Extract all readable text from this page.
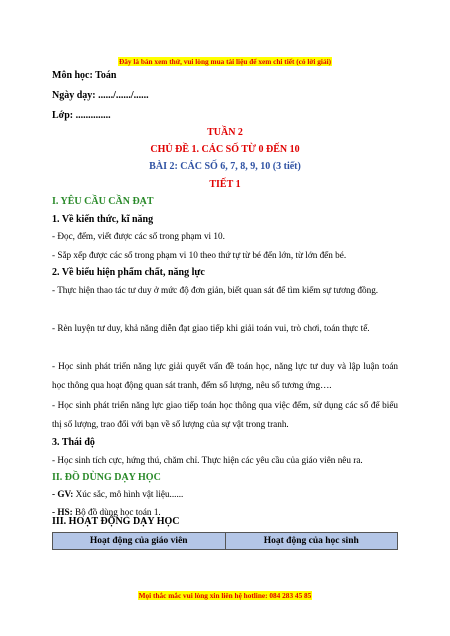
Đây là bản xem thử, vui lòng mua tài liệu để xem chi tiết (có lời giải)
Môn học: Toán
Ngày dạy: ....../....../......
Lớp: ..............
TUẦN 2
CHỦ ĐỀ 1. CÁC SỐ TỪ 0 ĐẾN 10
BÀI 2: CÁC SỐ 6, 7, 8, 9, 10 (3 tiết)
TIẾT 1
I. YÊU CẦU CẦN ĐẠT
1. Về kiến thức, kĩ năng
- Đọc, đếm, viết được các số trong phạm vi 10.
- Sắp xếp được các số trong phạm vi 10 theo thứ tự từ bé đến lớn, từ lớn đến bé.
2. Về biểu hiện phẩm chất, năng lực
- Thực hiện thao tác tư duy ở mức độ đơn giản, biết quan sát để tìm kiếm sự tương đồng.
- Rèn luyện tư duy, khả năng diễn đạt giao tiếp khi giải toán vui, trò chơi, toán thực tế.
- Học sinh phát triển năng lực giải quyết vấn đề toán học, năng lực tư duy và lập luận toán học thông qua hoạt động quan sát tranh, đếm số lượng, nêu số tương ứng….
- Học sinh phát triển năng lực giao tiếp toán học thông qua việc đếm, sử dụng các số để biểu thị số lượng, trao đổi với bạn về số lượng của sự vật trong tranh.
3. Thái độ
- Học sinh tích cực, hứng thú, chăm chỉ. Thực hiện các yêu cầu của giáo viên nêu ra.
II. ĐỒ DÙNG DẠY HỌC
- GV: Xúc sắc, mô hình vật liệu......
- HS: Bộ đồ dùng học toán 1.
III. HOẠT ĐỘNG DẠY HỌC
Hoạt động của giáo viên	Hoạt động của học sinh
Mọi thắc mắc vui lòng xin liên hệ hotline: 084 283 45 85
